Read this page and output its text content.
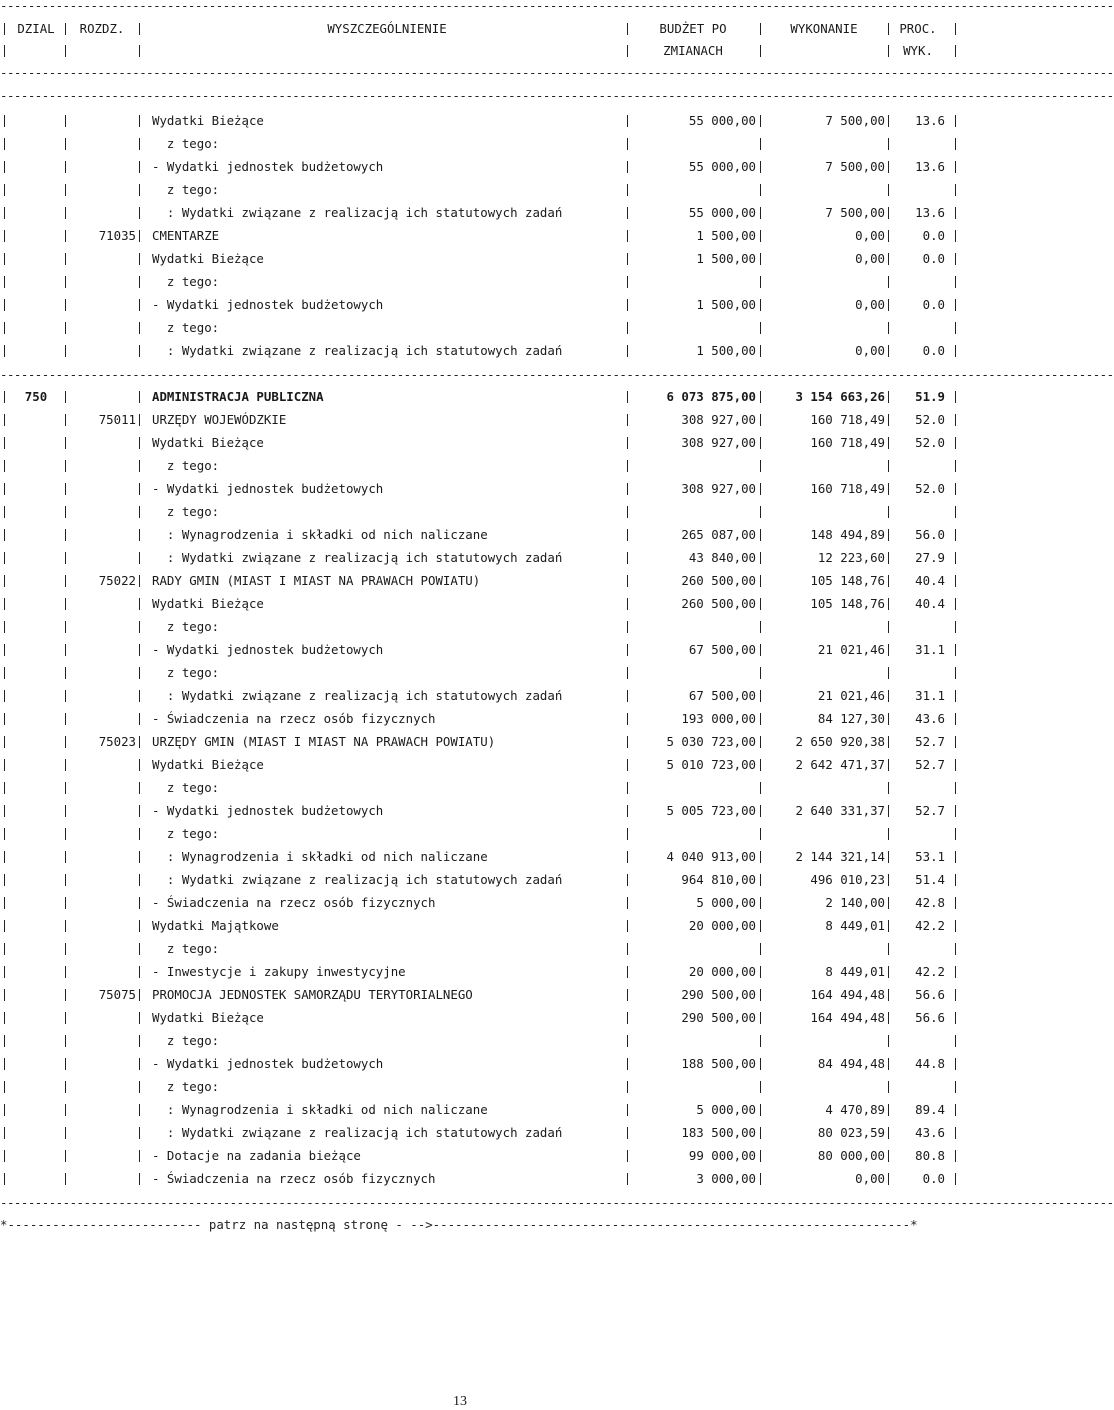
----------------------------------------------------------------------------------------------------------------------------------------------------------------
DZIAL	ROZDZ.	WYSZCZEGÓLNIENIE	BUDŻET PO	WYKONANIE	PROC.
ZMIANACH	WYK.
----------------------------------------------------------------------------------------------------------------------------------------------------------------
----------------------------------------------------------------------------------------------------------------------------------------------------------------
Wydatki Bieżące	55 000,00	7 500,00	13.6
z tego:
- Wydatki jednostek budżetowych	55 000,00	7 500,00	13.6
z tego:
: Wydatki związane z realizacją ich statutowych zadań	55 000,00	7 500,00	13.6
71035 CMENTARZE	1 500,00	0,00	0.0
Wydatki Bieżące	1 500,00	0,00	0.0
z tego:
- Wydatki jednostek budżetowych	1 500,00	0,00	0.0
z tego:
: Wydatki związane z realizacją ich statutowych zadań	1 500,00	0,00	0.0
----------------------------------------------------------------------------------------------------------------------------------------------------------------
750	ADMINISTRACJA PUBLICZNA	6 073 875,00	3 154 663,26	51.9
75011 URZĘDY WOJEWÓDZKIE	308 927,00	160 718,49	52.0
Wydatki Bieżące	308 927,00	160 718,49	52.0
z tego:
- Wydatki jednostek budżetowych	308 927,00	160 718,49	52.0
z tego:
: Wynagrodzenia i składki od nich naliczane	265 087,00	148 494,89	56.0
: Wydatki związane z realizacją ich statutowych zadań	43 840,00	12 223,60	27.9
75022 RADY GMIN (MIAST I MIAST NA PRAWACH POWIATU)	260 500,00	105 148,76	40.4
Wydatki Bieżące	260 500,00	105 148,76	40.4
z tego:
- Wydatki jednostek budżetowych	67 500,00	21 021,46	31.1
z tego:
: Wydatki związane z realizacją ich statutowych zadań	67 500,00	21 021,46	31.1
- Świadczenia na rzecz osób fizycznych	193 000,00	84 127,30	43.6
75023 URZĘDY GMIN (MIAST I MIAST NA PRAWACH POWIATU)	5 030 723,00	2 650 920,38	52.7
Wydatki Bieżące	5 010 723,00	2 642 471,37	52.7
z tego:
- Wydatki jednostek budżetowych	5 005 723,00	2 640 331,37	52.7
z tego:
: Wynagrodzenia i składki od nich naliczane	4 040 913,00	2 144 321,14	53.1
: Wydatki związane z realizacją ich statutowych zadań	964 810,00	496 010,23	51.4
- Świadczenia na rzecz osób fizycznych	5 000,00	2 140,00	42.8
Wydatki Majątkowe	20 000,00	8 449,01	42.2
z tego:
- Inwestycje i zakupy inwestycyjne	20 000,00	8 449,01	42.2
75075 PROMOCJA JEDNOSTEK SAMORZĄDU TERYTORIALNEGO	290 500,00	164 494,48	56.6
Wydatki Bieżące	290 500,00	164 494,48	56.6
z tego:
- Wydatki jednostek budżetowych	188 500,00	84 494,48	44.8
z tego:
: Wynagrodzenia i składki od nich naliczane	5 000,00	4 470,89	89.4
: Wydatki związane z realizacją ich statutowych zadań	183 500,00	80 023,59	43.6
- Dotacje na zadania bieżące	99 000,00	80 000,00	80.8
- Świadczenia na rzecz osób fizycznych	3 000,00	0,00	0.0
----------------------------------------------------------------------------------------------------------------------------------------------------------------
*-------------------------- patrz na następną stronę - -->----------------------------------------------------------------*
13
